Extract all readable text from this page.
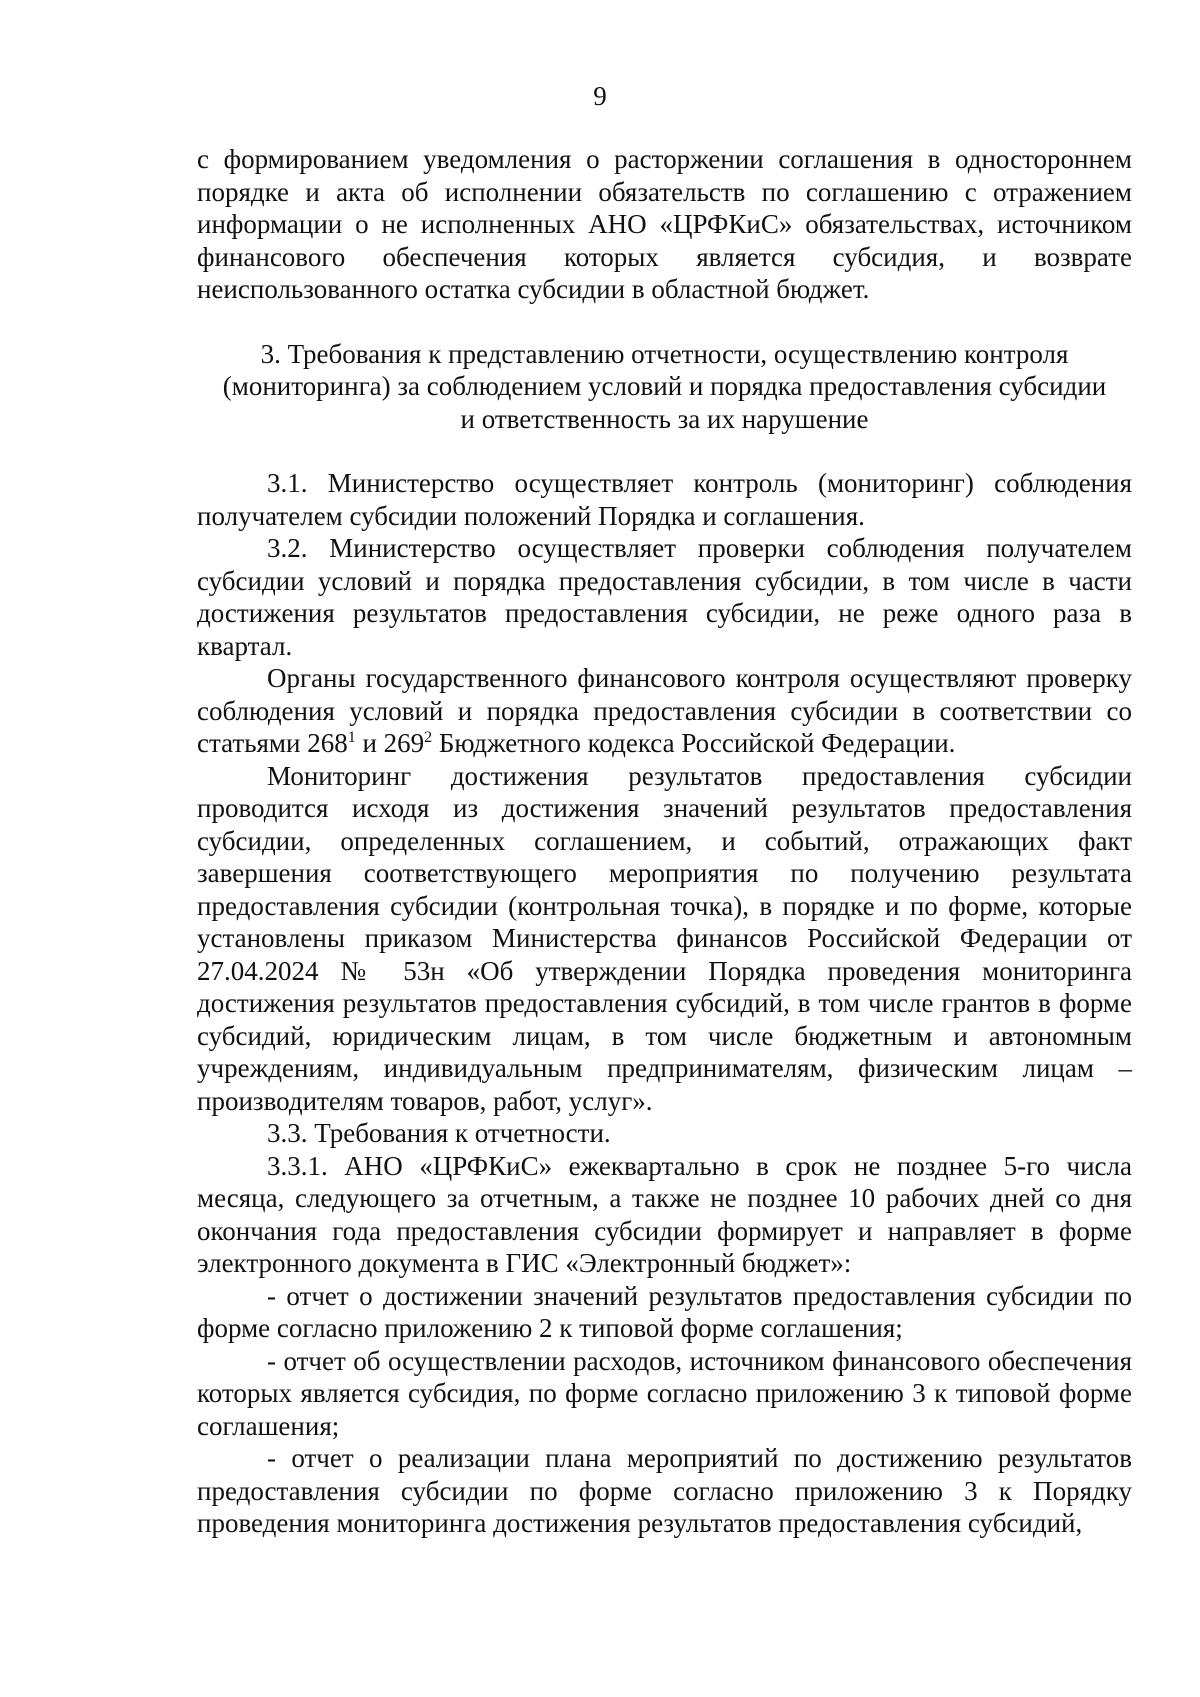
9

с формированием уведомления о расторжении соглашения в одностороннем порядке и акта об исполнении обязательств по соглашению с отражением информации о не исполненных АНО «ЦРФКиС» обязательствах, источником финансового обеспечения которых является субсидия, и возврате неиспользованного остатка субсидии в областной бюджет.

3. Требования к представлению отчетности, осуществлению контроля
(мониторинга) за соблюдением условий и порядка предоставления субсидии
и ответственность за их нарушение

3.1. Министерство осуществляет контроль (мониторинг) соблюдения получателем субсидии положений Порядка и соглашения.

3.2. Министерство осуществляет проверки соблюдения получателем субсидии условий и порядка предоставления субсидии, в том числе в части достижения результатов предоставления субсидии, не реже одного раза в квартал.

Органы государственного финансового контроля осуществляют проверку соблюдения условий и порядка предоставления субсидии в соответствии со статьями $268^1$ и $269^2$ Бюджетного кодекса Российской Федерации.

Мониторинг достижения результатов предоставления субсидии проводится исходя из достижения значений результатов предоставления субсидии, определенных соглашением, и событий, отражающих факт завершения соответствующего мероприятия по получению результата предоставления субсидии (контрольная точка), в порядке и по форме, которые установлены приказом Министерства финансов Российской Федерации от 27.04.2024 № 53н «Об утверждении Порядка проведения мониторинга достижения результатов предоставления субсидий, в том числе грантов в форме субсидий, юридическим лицам, в том числе бюджетным и автономным учреждениям, индивидуальным предпринимателям, физическим лицам – производителям товаров, работ, услуг».

3.3. Требования к отчетности.

3.3.1. АНО «ЦРФКиС» ежеквартально в срок не позднее 5-го числа месяца, следующего за отчетным, а также не позднее 10 рабочих дней со дня окончания года предоставления субсидии формирует и направляет в форме электронного документа в ГИС «Электронный бюджет»:

- отчет о достижении значений результатов предоставления субсидии по форме согласно приложению 2 к типовой форме соглашения;

- отчет об осуществлении расходов, источником финансового обеспечения которых является субсидия, по форме согласно приложению 3 к типовой форме соглашения;

- отчет о реализации плана мероприятий по достижению результатов предоставления субсидии по форме согласно приложению 3 к Порядку проведения мониторинга достижения результатов предоставления субсидий,
